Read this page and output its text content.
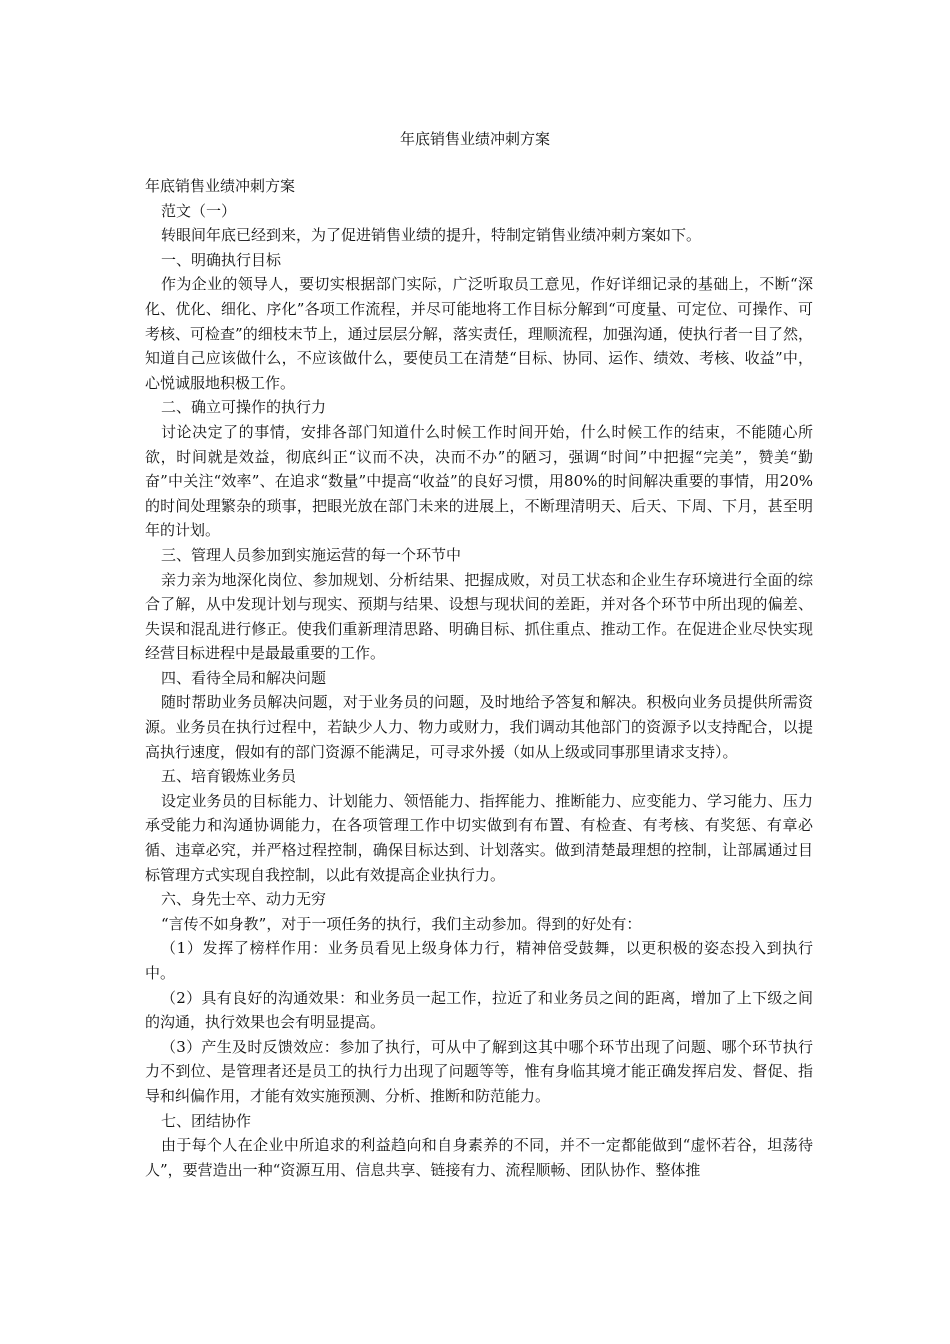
年底销售业绩冲刺方案

年底销售业绩冲刺方案

范文（一）

转眼间年底已经到来，为了促进销售业绩的提升，特制定销售业绩冲刺方案如下。

一、明确执行目标

作为企业的领导人，要切实根据部门实际，广泛听取员工意见，作好详细记录的基础上，不断“深化、优化、细化、序化”各项工作流程，并尽可能地将工作目标分解到“可度量、可定位、可操作、可考核、可检查”的细枝末节上，通过层层分解，落实责任，理顺流程，加强沟通，使执行者一目了然，知道自己应该做什么，不应该做什么，要使员工在清楚“目标、协同、运作、绩效、考核、收益”中，心悦诚服地积极工作。

二、确立可操作的执行力

讨论决定了的事情，安排各部门知道什么时候工作时间开始，什么时候工作的结束，不能随心所欲，时间就是效益，彻底纠正“议而不决，决而不办”的陋习，强调“时间”中把握“完美”，赞美“勤奋”中关注“效率”、在追求“数量”中提高“收益”的良好习惯，用80%的时间解决重要的事情，用20%的时间处理繁杂的琐事，把眼光放在部门未来的进展上，不断理清明天、后天、下周、下月，甚至明年的计划。

三、管理人员参加到实施运营的每一个环节中

亲力亲为地深化岗位、参加规划、分析结果、把握成败，对员工状态和企业生存环境进行全面的综合了解，从中发现计划与现实、预期与结果、设想与现状间的差距，并对各个环节中所出现的偏差、失误和混乱进行修正。使我们重新理清思路、明确目标、抓住重点、推动工作。在促进企业尽快实现经营目标进程中是最最重要的工作。

四、看待全局和解决问题

随时帮助业务员解决问题，对于业务员的问题，及时地给予答复和解决。积极向业务员提供所需资源。业务员在执行过程中，若缺少人力、物力或财力，我们调动其他部门的资源予以支持配合，以提高执行速度，假如有的部门资源不能满足，可寻求外援（如从上级或同事那里请求支持）。

五、培育锻炼业务员

设定业务员的目标能力、计划能力、领悟能力、指挥能力、推断能力、应变能力、学习能力、压力承受能力和沟通协调能力，在各项管理工作中切实做到有布置、有检查、有考核、有奖惩、有章必循、违章必究，并严格过程控制，确保目标达到、计划落实。做到清楚最理想的控制，让部属通过目标管理方式实现自我控制，以此有效提高企业执行力。

六、身先士卒、动力无穷

“言传不如身教”，对于一项任务的执行，我们主动参加。得到的好处有：

（1）发挥了榜样作用：业务员看见上级身体力行，精神倍受鼓舞，以更积极的姿态投入到执行中。

（2）具有良好的沟通效果：和业务员一起工作，拉近了和业务员之间的距离，增加了上下级之间的沟通，执行效果也会有明显提高。

（3）产生及时反馈效应：参加了执行，可从中了解到这其中哪个环节出现了问题、哪个环节执行力不到位、是管理者还是员工的执行力出现了问题等等，惟有身临其境才能正确发挥启发、督促、指导和纠偏作用，才能有效实施预测、分析、推断和防范能力。

七、团结协作

由于每个人在企业中所追求的利益趋向和自身素养的不同，并不一定都能做到“虚怀若谷，坦荡待人”，要营造出一种“资源互用、信息共享、链接有力、流程顺畅、团队协作、整体推
